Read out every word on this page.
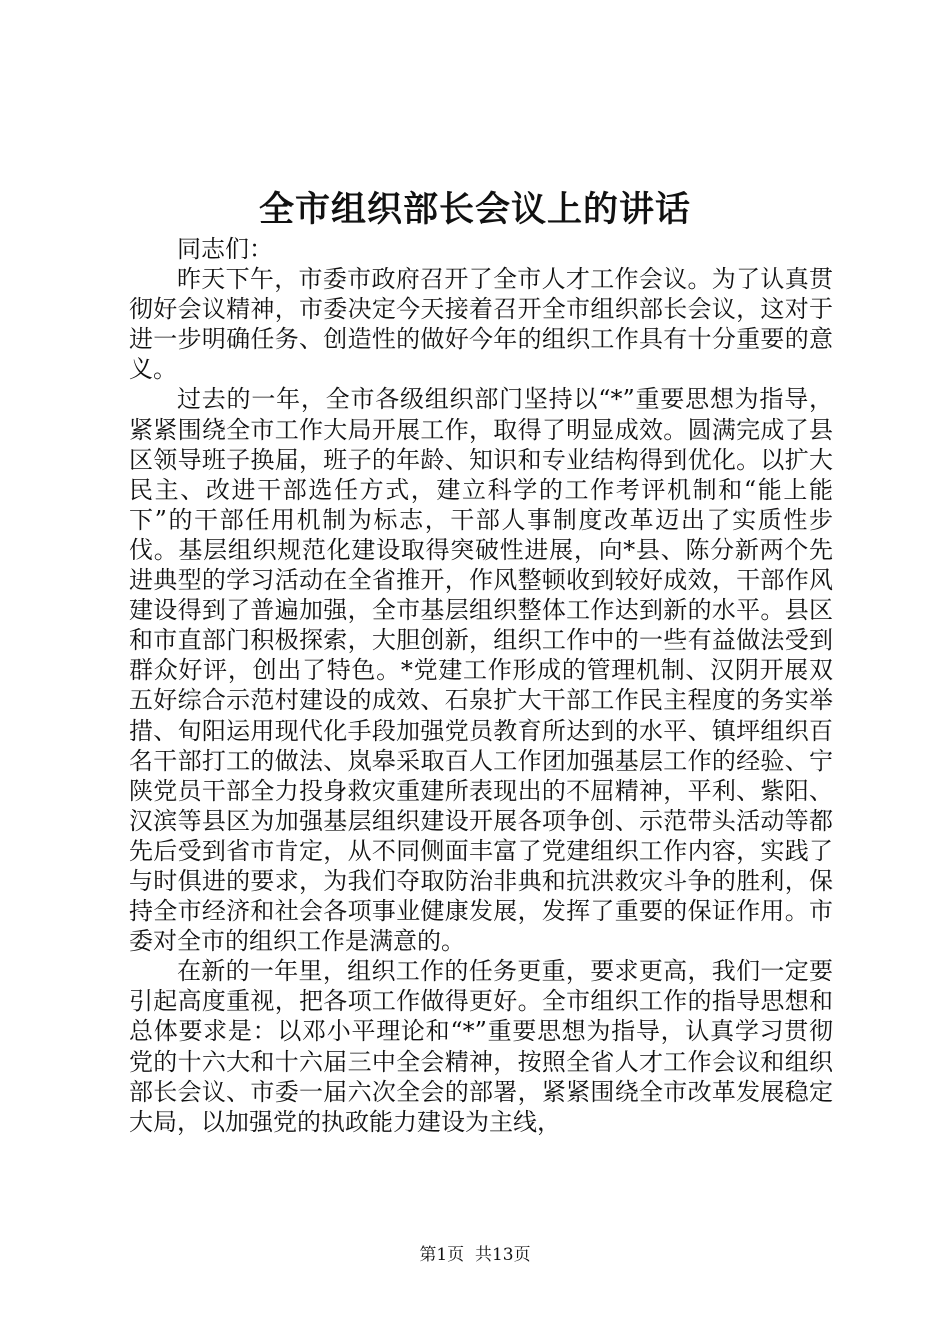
全市组织部长会议上的讲话

同志们：

昨天下午，市委市政府召开了全市人才工作会议。为了认真贯彻好会议精神，市委决定今天接着召开全市组织部长会议，这对于进一步明确任务、创造性的做好今年的组织工作具有十分重要的意义。

过去的一年，全市各级组织部门坚持以“*”重要思想为指导，紧紧围绕全市工作大局开展工作，取得了明显成效。圆满完成了县区领导班子换届，班子的年龄、知识和专业结构得到优化。以扩大民主、改进干部选任方式，建立科学的工作考评机制和“能上能下”的干部任用机制为标志，干部人事制度改革迈出了实质性步伐。基层组织规范化建设取得突破性进展，向*县、陈分新两个先进典型的学习活动在全省推开，作风整顿收到较好成效，干部作风建设得到了普遍加强，全市基层组织整体工作达到新的水平。县区和市直部门积极探索，大胆创新，组织工作中的一些有益做法受到群众好评，创出了特色。*党建工作形成的管理机制、汉阴开展双五好综合示范村建设的成效、石泉扩大干部工作民主程度的务实举措、旬阳运用现代化手段加强党员教育所达到的水平、镇坪组织百名干部打工的做法、岚皋采取百人工作团加强基层工作的经验、宁陕党员干部全力投身救灾重建所表现出的不屈精神，平利、紫阳、汉滨等县区为加强基层组织建设开展各项争创、示范带头活动等都先后受到省市肯定，从不同侧面丰富了党建组织工作内容，实践了与时俱进的要求，为我们夺取防治非典和抗洪救灾斗争的胜利，保持全市经济和社会各项事业健康发展，发挥了重要的保证作用。市委对全市的组织工作是满意的。

在新的一年里，组织工作的任务更重，要求更高，我们一定要引起高度重视，把各项工作做得更好。全市组织工作的指导思想和总体要求是：以邓小平理论和“*”重要思想为指导，认真学习贯彻党的十六大和十六届三中全会精神，按照全省人才工作会议和组织部长会议、市委一届六次全会的部署，紧紧围绕全市改革发展稳定大局，以加强党的执政能力建设为主线，

第1页  共13页
